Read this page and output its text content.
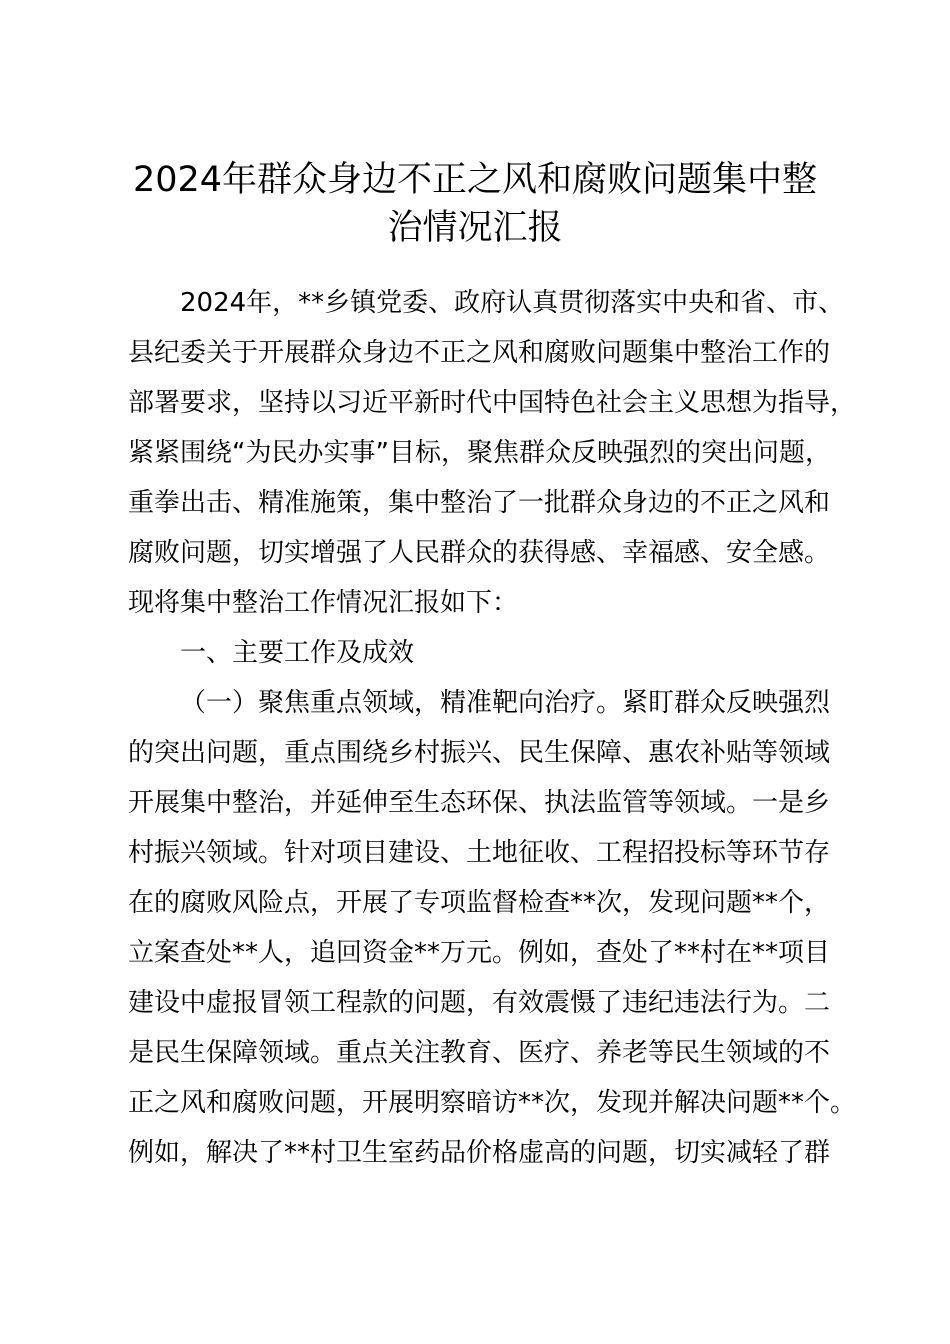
2024年群众身边不正之风和腐败问题集中整
治情况汇报
2024年，**乡镇党委、政府认真贯彻落实中央和省、市、
县纪委关于开展群众身边不正之风和腐败问题集中整治工作的
部署要求，坚持以习近平新时代中国特色社会主义思想为指导，
紧紧围绕“为民办实事”目标，聚焦群众反映强烈的突出问题，
重拳出击、精准施策，集中整治了一批群众身边的不正之风和
腐败问题，切实增强了人民群众的获得感、幸福感、安全感。
现将集中整治工作情况汇报如下：
一、主要工作及成效
（一）聚焦重点领域，精准靶向治疗。紧盯群众反映强烈
的突出问题，重点围绕乡村振兴、民生保障、惠农补贴等领域
开展集中整治，并延伸至生态环保、执法监管等领域。一是乡
村振兴领域。针对项目建设、土地征收、工程招投标等环节存
在的腐败风险点，开展了专项监督检查**次，发现问题**个，
立案查处**人，追回资金**万元。例如，查处了**村在**项目
建设中虚报冒领工程款的问题，有效震慑了违纪违法行为。二
是民生保障领域。重点关注教育、医疗、养老等民生领域的不
正之风和腐败问题，开展明察暗访**次，发现并解决问题**个。
例如，解决了**村卫生室药品价格虚高的问题，切实减轻了群
